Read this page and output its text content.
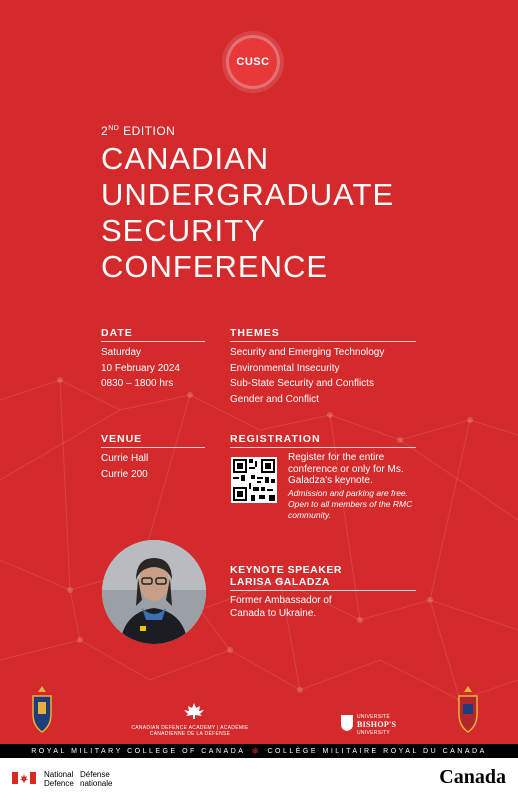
CUSC
2ND EDITION
CANADIAN
UNDERGRADUATE
SECURITY
CONFERENCE
DATE
Saturday
10 February 2024
0830 – 1800 hrs
THEMES
Security and Emerging Technology
Environmental Insecurity
Sub-State Security and Conflicts
Gender and Conflict
VENUE
Currie Hall
Currie 200
REGISTRATION
Register for the entire conference or only for Ms. Galadza's keynote.
Admission and parking are free. Open to all members of the RMC community.
KEYNOTE SPEAKER
LARISA GALADZA
Former Ambassador of Canada to Ukraine.
CANADIAN DEFENCE ACADEMY | ACADÉMIE CANADIENNE DE LA DÉFENSE
UNIVERSITÉ
BISHOP'S
UNIVERSITY
ROYAL MILITARY COLLEGE OF CANADA ❄ COLLÈGE MILITAIRE ROYAL DU CANADA
National
Defence
Défense
nationale	Canada
